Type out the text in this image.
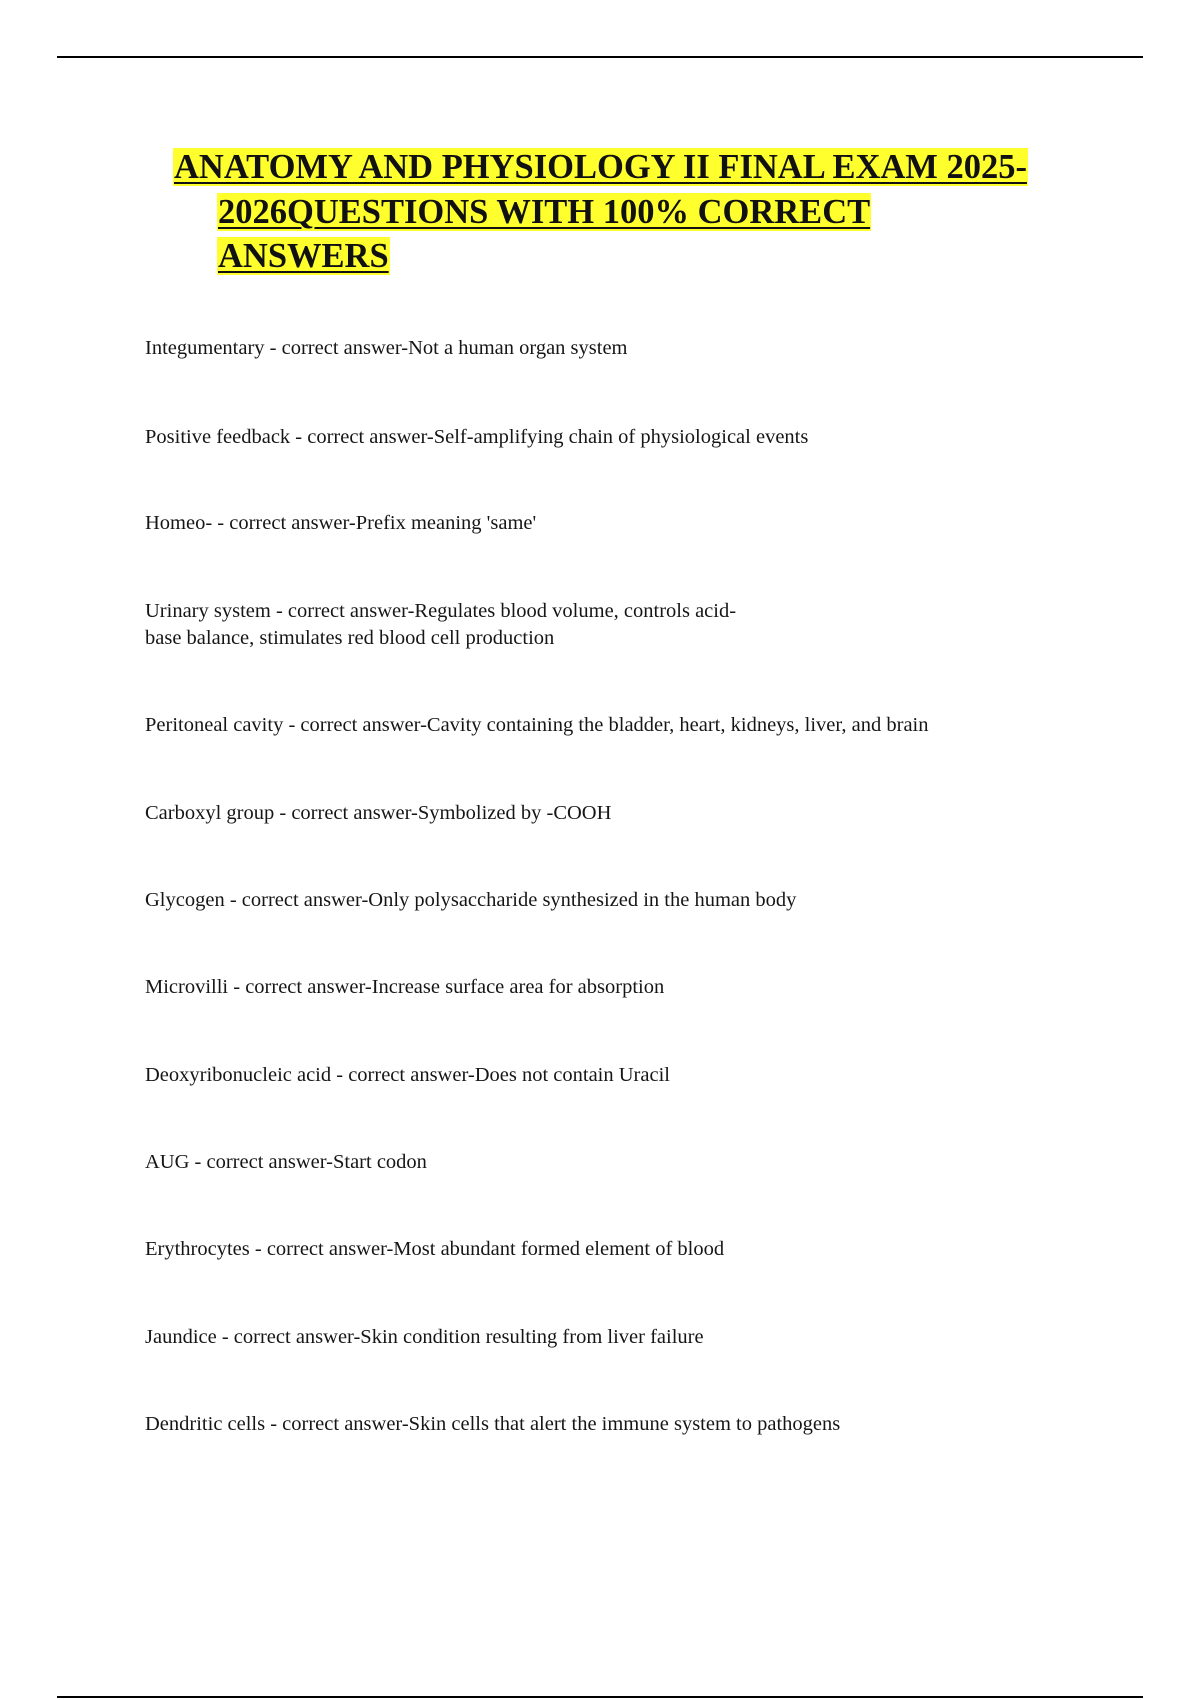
ANATOMY AND PHYSIOLOGY II FINAL EXAM 2025-
2026QUESTIONS WITH 100% CORRECT
ANSWERS

Integumentary - correct answer-Not a human organ system

Positive feedback - correct answer-Self-amplifying chain of physiological events

Homeo- - correct answer-Prefix meaning 'same'

Urinary system - correct answer-Regulates blood volume, controls acid-
base balance, stimulates red blood cell production

Peritoneal cavity - correct answer-Cavity containing the bladder, heart, kidneys, liver, and brain

Carboxyl group - correct answer-Symbolized by -COOH

Glycogen - correct answer-Only polysaccharide synthesized in the human body

Microvilli - correct answer-Increase surface area for absorption

Deoxyribonucleic acid - correct answer-Does not contain Uracil

AUG - correct answer-Start codon

Erythrocytes - correct answer-Most abundant formed element of blood

Jaundice - correct answer-Skin condition resulting from liver failure

Dendritic cells - correct answer-Skin cells that alert the immune system to pathogens
